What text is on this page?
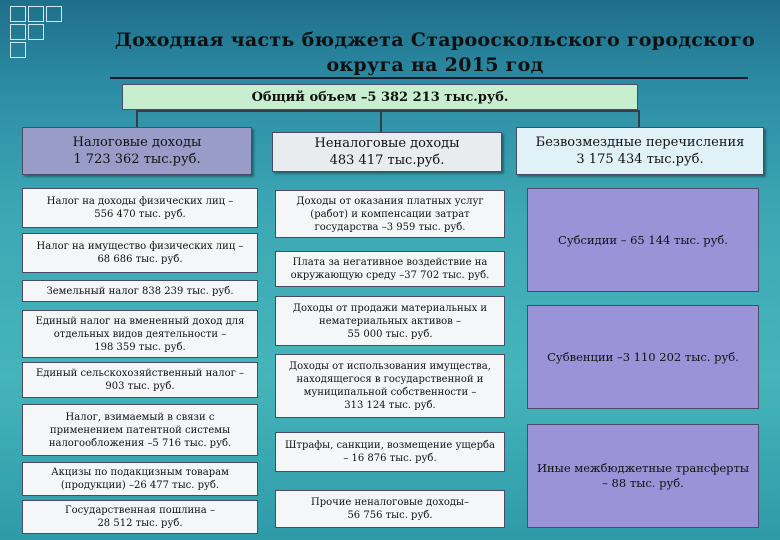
Доходная часть бюджета Старооскольского городского
округа на 2015 год
Общий объем –5 382 213 тыс.руб.
Налоговые доходы
1 723 362 тыс.руб.
Неналоговые доходы
483 417 тыс.руб.
Безвозмездные перечисления
3 175 434 тыс.руб.
Налог на доходы физических лиц –
556 470 тыс. руб.
Налог на имущество физических лиц –
68 686 тыс. руб.
Земельный налог 838 239 тыс. руб.
Единый налог на вмененный доход для
отдельных видов деятельности –
198 359 тыс. руб.
Единый сельскохозяйственный налог –
903 тыс. руб.
Налог, взимаемый в связи с
применением патентной системы
налогообложения –5 716 тыс. руб.
Акцизы по подакцизным товарам
(продукции) –26 477 тыс. руб.
Государственная пошлина –
28 512 тыс. руб.
Доходы от оказания платных услуг
(работ) и компенсации затрат
государства –3 959 тыс. руб.
Плата за негативное воздействие на
окружающую среду –37 702 тыс. руб.
Доходы от продажи материальных и
нематериальных активов –
55 000 тыс. руб.
Доходы от использования имущества,
находящегося в государственной и
муниципальной собственности –
313 124 тыс. руб.
Штрафы, санкции, возмещение ущерба
– 16 876 тыс. руб.
Прочие неналоговые доходы–
56 756 тыс. руб.
Субсидии – 65 144 тыс. руб.
Субвенции –3 110 202 тыс. руб.
Иные межбюджетные трансферты
– 88 тыс. руб.
